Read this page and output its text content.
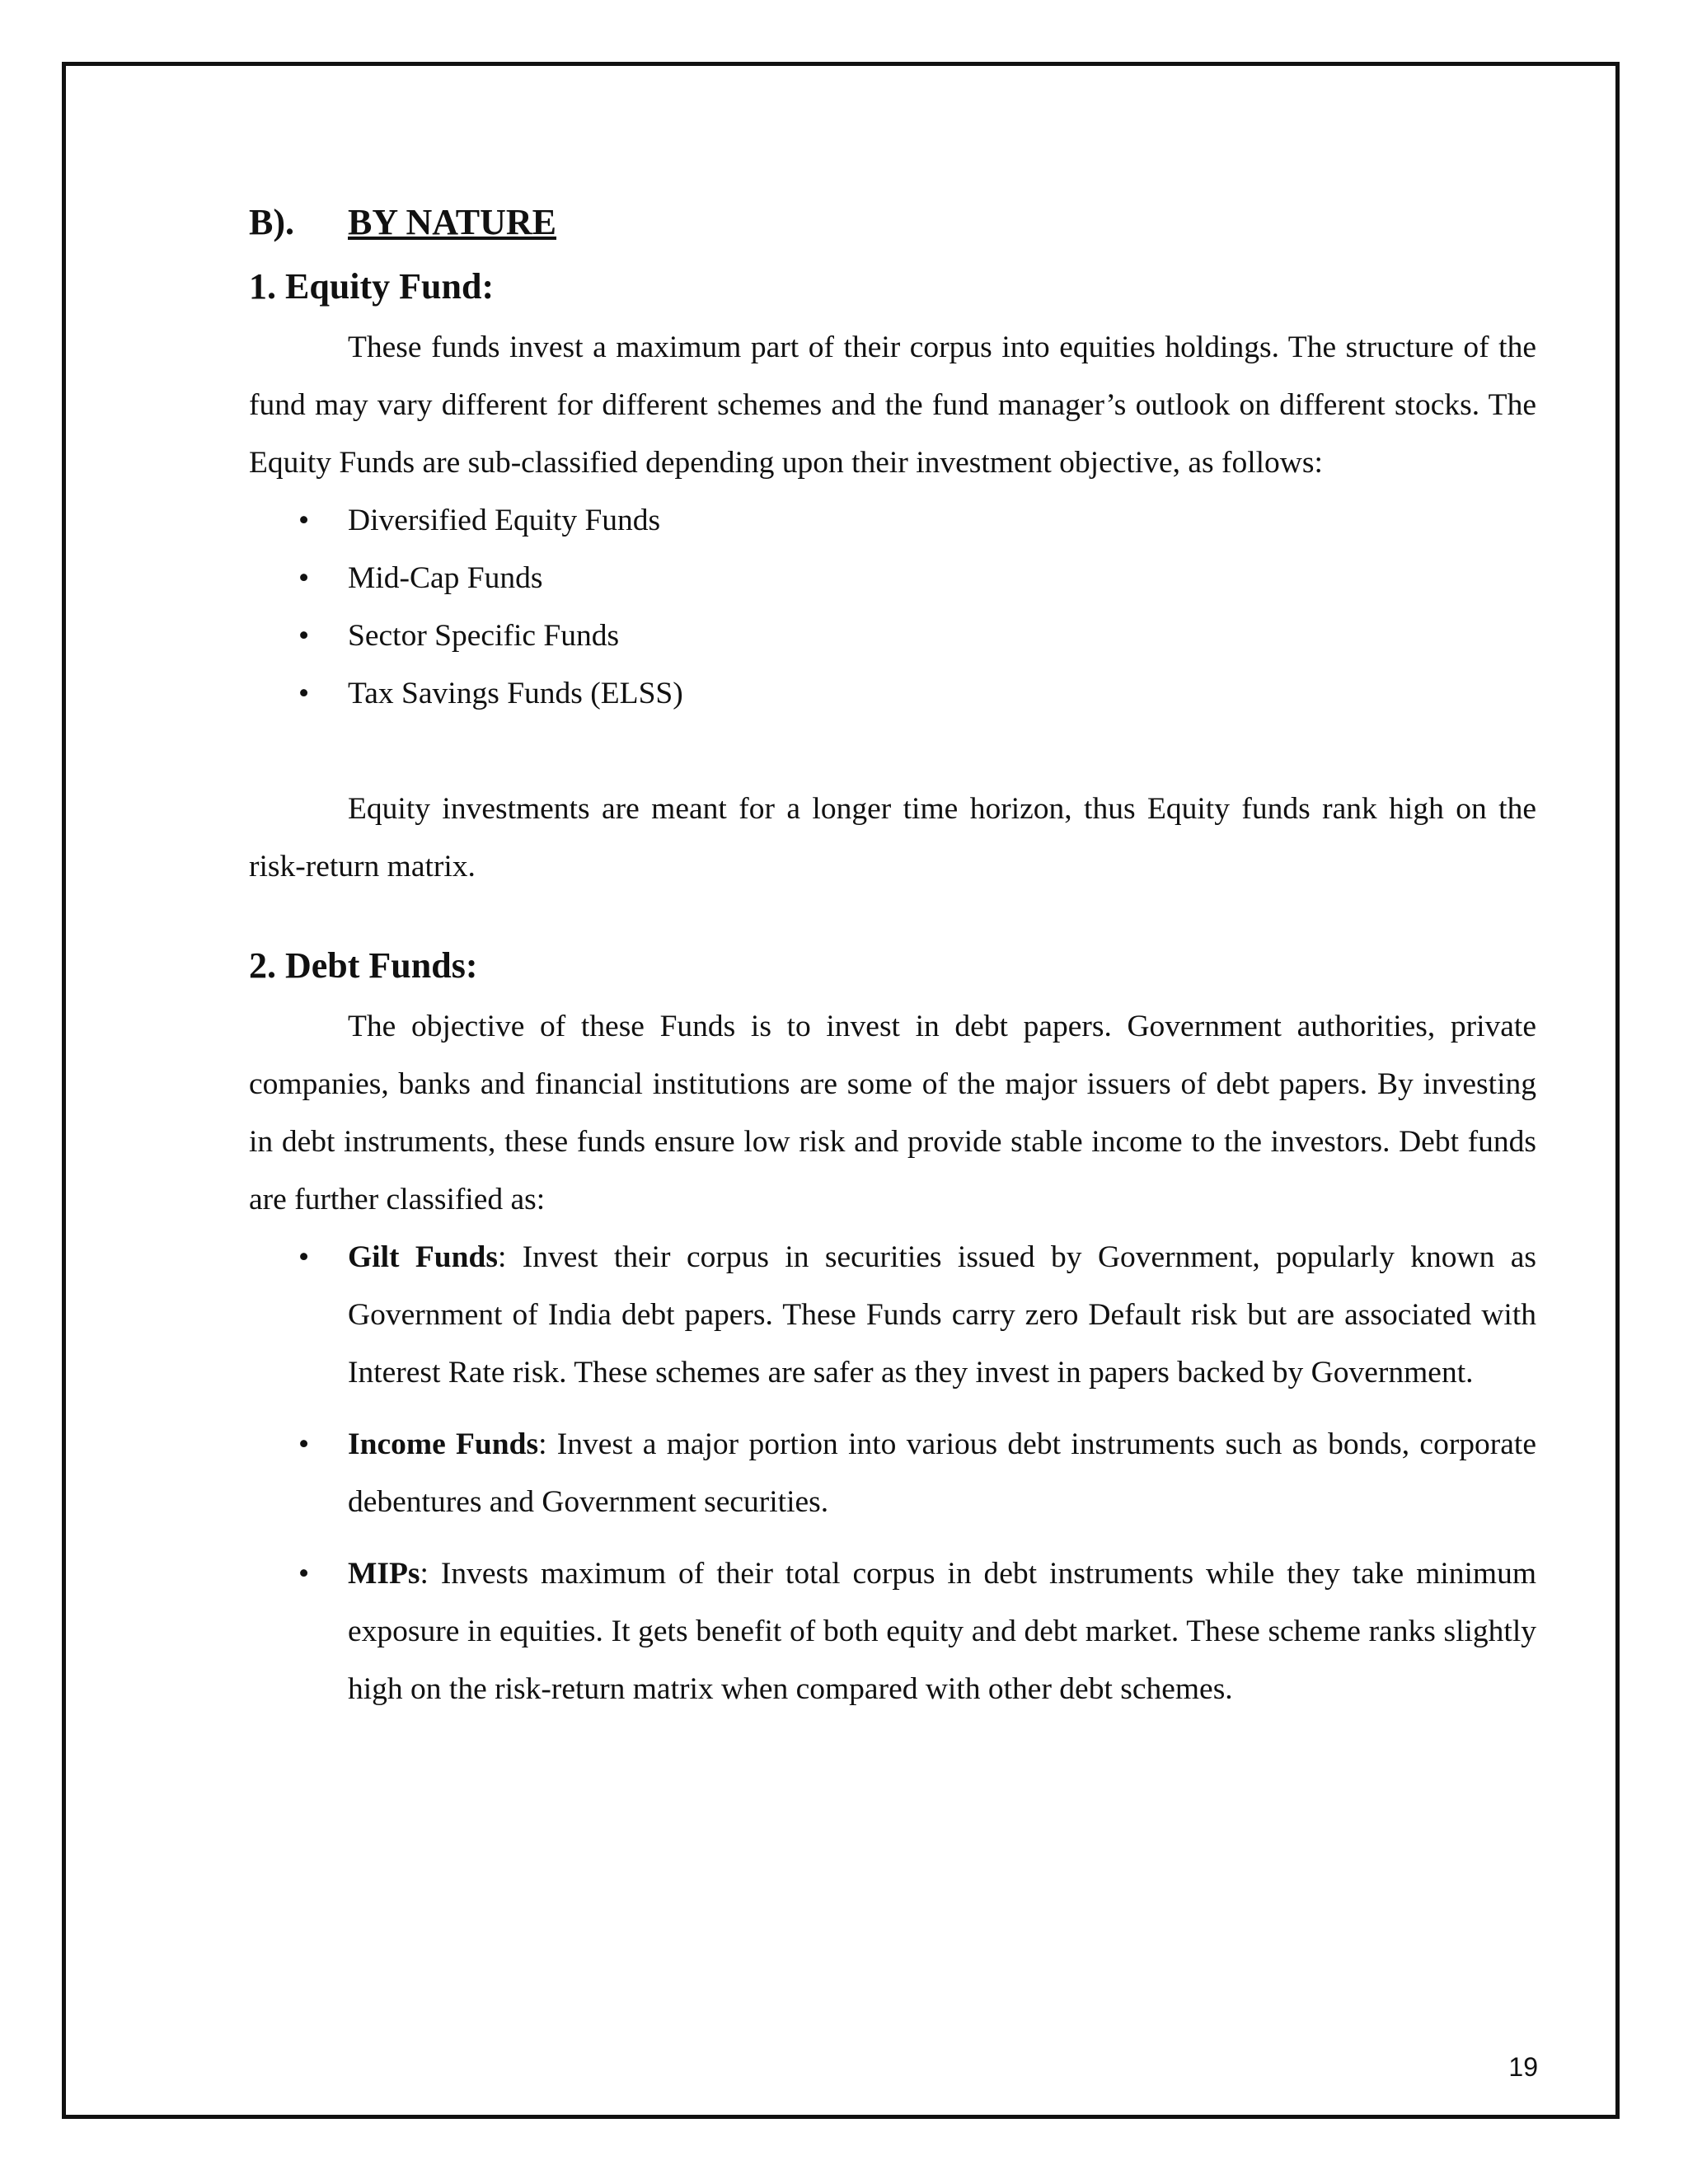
B).	BY NATURE
1. Equity Fund:

These funds invest a maximum part of their corpus into equities holdings. The structure of the fund may vary different for different schemes and the fund manager’s outlook on different stocks. The Equity Funds are sub-classified depending upon their investment objective, as follows:

• Diversified Equity Funds
• Mid-Cap Funds
• Sector Specific Funds
• Tax Savings Funds (ELSS)

Equity investments are meant for a longer time horizon, thus Equity funds rank high on the risk-return matrix.

2. Debt Funds:

The objective of these Funds is to invest in debt papers. Government authorities, private companies, banks and financial institutions are some of the major issuers of debt papers. By investing in debt instruments, these funds ensure low risk and provide stable income to the investors. Debt funds are further classified as:

• Gilt Funds: Invest their corpus in securities issued by Government, popularly known as Government of India debt papers. These Funds carry zero Default risk but are associated with Interest Rate risk. These schemes are safer as they invest in papers backed by Government.
• Income Funds: Invest a major portion into various debt instruments such as bonds, corporate debentures and Government securities.
• MIPs: Invests maximum of their total corpus in debt instruments while they take minimum exposure in equities. It gets benefit of both equity and debt market. These scheme ranks slightly high on the risk-return matrix when compared with other debt schemes.
19
